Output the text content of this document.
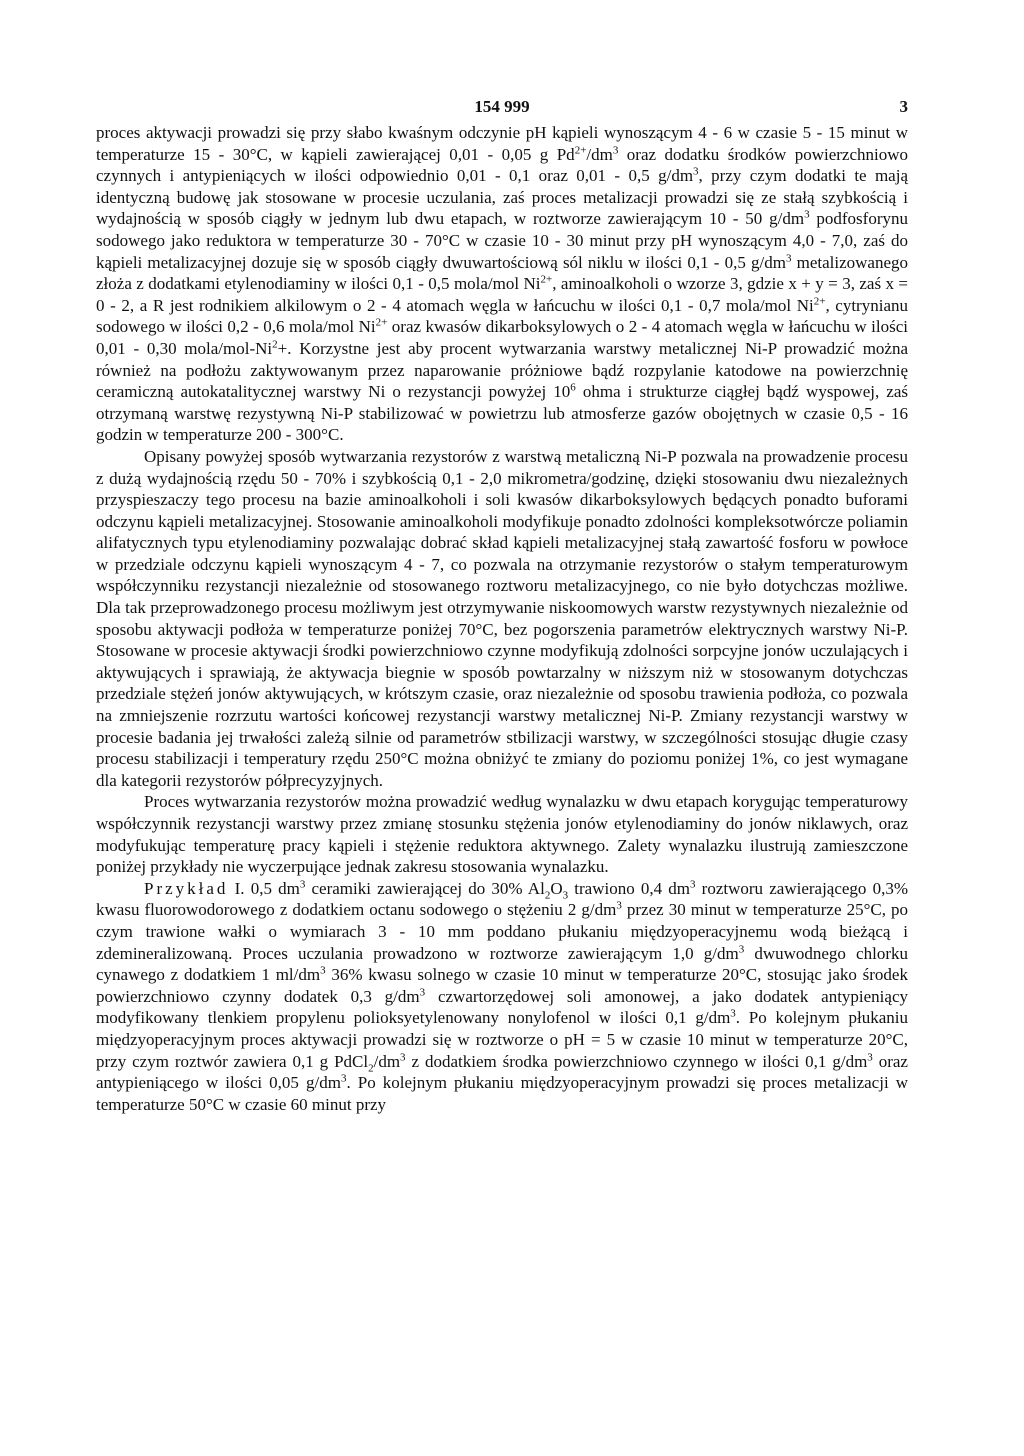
154 999	3

proces aktywacji prowadzi się przy słabo kwaśnym odczynie pH kąpieli wynoszącym 4 - 6 w czasie 5 - 15 minut w temperaturze 15 - 30°C, w kąpieli zawierającej 0,01 - 0,05 g $Pd^{2+}/dm^3$ oraz dodatku środków powierzchniowo czynnych i antypieniących w ilości odpowiednio 0,01 - 0,1 oraz 0,01 - 0,5 $g/dm^3$, przy czym dodatki te mają identyczną budowę jak stosowane w procesie uczulania, zaś proces metalizacji prowadzi się ze stałą szybkością i wydajnością w sposób ciągły w jednym lub dwu etapach, w roztworze zawierającym 10 - 50 $g/dm^3$ podfosforynu sodowego jako reduktora w temperaturze 30 - 70°C w czasie 10 - 30 minut przy pH wynoszącym 4,0 - 7,0, zaś do kąpieli metalizacyjnej dozuje się w sposób ciągły dwuwartościową sól niklu w ilości 0,1 - 0,5 $g/dm^3$ metalizowanego złoża z dodatkami etylenodiaminy w ilości 0,1 - 0,5 mola/mol $Ni^{2+}$, aminoalkoholi o wzorze 3, gdzie x + y = 3, zaś x = 0 - 2, a R jest rodnikiem alkilowym o 2 - 4 atomach węgla w łańcuchu w ilości 0,1 - 0,7 mola/mol $Ni^{2+}$, cytrynianu sodowego w ilości 0,2 - 0,6 mola/mol $Ni^{2+}$ oraz kwasów dikarboksylowych o 2 - 4 atomach węgla w łańcuchu w ilości 0,01 - 0,30 mola/$mol-Ni^2+$. Korzystne jest aby procent wytwarzania warstwy metalicznej Ni-P prowadzić można również na podłożu zaktywowanym przez naparowanie próżniowe bądź rozpylanie katodowe na powierzchnię ceramiczną autokatalitycznej warstwy Ni o rezystancji powyżej $10^6$ ohma i strukturze ciągłej bądź wyspowej, zaś otrzymaną warstwę rezystywną Ni-P stabilizować w powietrzu lub atmosferze gazów obojętnych w czasie 0,5 - 16 godzin w temperaturze 200 - 300°C.

Opisany powyżej sposób wytwarzania rezystorów z warstwą metaliczną Ni-P pozwala na prowadzenie procesu z dużą wydajnością rzędu 50 - 70% i szybkością 0,1 - 2,0 mikrometra/godzinę, dzięki stosowaniu dwu niezależnych przyspieszaczy tego procesu na bazie aminoalkoholi i soli kwasów dikarboksylowych będących ponadto buforami odczynu kąpieli metalizacyjnej. Stosowanie aminoalkoholi modyfikuje ponadto zdolności kompleksotwórcze poliamin alifatycznych typu etylenodiaminy pozwalając dobrać skład kąpieli metalizacyjnej stałą zawartość fosforu w powłoce w przedziale odczynu kąpieli wynoszącym 4 - 7, co pozwala na otrzymanie rezystorów o stałym temperaturowym współczynniku rezystancji niezależnie od stosowanego roztworu metalizacyjnego, co nie było dotychczas możliwe. Dla tak przeprowadzonego procesu możliwym jest otrzymywanie niskoomowych warstw rezystywnych niezależnie od sposobu aktywacji podłoża w temperaturze poniżej 70°C, bez pogorszenia parametrów elektrycznych warstwy Ni-P. Stosowane w procesie aktywacji środki powierzchniowo czynne modyfikują zdolności sorpcyjne jonów uczulających i aktywujących i sprawiają, że aktywacja biegnie w sposób powtarzalny w niższym niż w stosowanym dotychczas przedziale stężeń jonów aktywujących, w krótszym czasie, oraz niezależnie od sposobu trawienia podłoża, co pozwala na zmniejszenie rozrzutu wartości końcowej rezystancji warstwy metalicznej Ni-P. Zmiany rezystancji warstwy w procesie badania jej trwałości zależą silnie od parametrów stbilizacji warstwy, w szczególności stosując długie czasy procesu stabilizacji i temperatury rzędu 250°C można obniżyć te zmiany do poziomu poniżej 1%, co jest wymagane dla kategorii rezystorów półprecyzyjnych.

Proces wytwarzania rezystorów można prowadzić według wynalazku w dwu etapach korygując temperaturowy współczynnik rezystancji warstwy przez zmianę stosunku stężenia jonów etylenodiaminy do jonów niklawych, oraz modyfukując temperaturę pracy kąpieli i stężenie reduktora aktywnego. Zalety wynalazku ilustrują zamieszczone poniżej przykłady nie wyczerpujące jednak zakresu stosowania wynalazku.

Przykład I. 0,5 $dm^3$ ceramiki zawierającej do 30% $Al_2O_3$ trawiono 0,4 $dm^3$ roztworu zawierającego 0,3% kwasu fluorowodorowego z dodatkiem octanu sodowego o stężeniu 2 $g/dm^3$ przez 30 minut w temperaturze 25°C, po czym trawione wałki o wymiarach 3 - 10 mm poddano płukaniu międzyoperacyjnemu wodą bieżącą i zdemineralizowaną. Proces uczulania prowadzono w roztworze zawierającym 1,0 $g/dm^3$ dwuwodnego chlorku cynawego z dodatkiem 1 $ml/dm^3$ 36% kwasu solnego w czasie 10 minut w temperaturze 20°C, stosując jako środek powierzchniowo czynny dodatek 0,3 $g/dm^3$ czwartorzędowej soli amonowej, a jako dodatek antypieniący modyfikowany tlenkiem propylenu polioksyetylenowany nonylofenol w ilości 0,1 $g/dm^3$. Po kolejnym płukaniu międzyoperacyjnym proces aktywacji prowadzi się w roztworze o pH = 5 w czasie 10 minut w temperaturze 20°C, przy czym roztwór zawiera 0,1 g $PdCl_2/dm^3$ z dodatkiem środka powierzchniowo czynnego w ilości 0,1 $g/dm^3$ oraz antypieniącego w ilości 0,05 $g/dm^3$. Po kolejnym płukaniu międzyoperacyjnym prowadzi się proces metalizacji w temperaturze 50°C w czasie 60 minut przy
